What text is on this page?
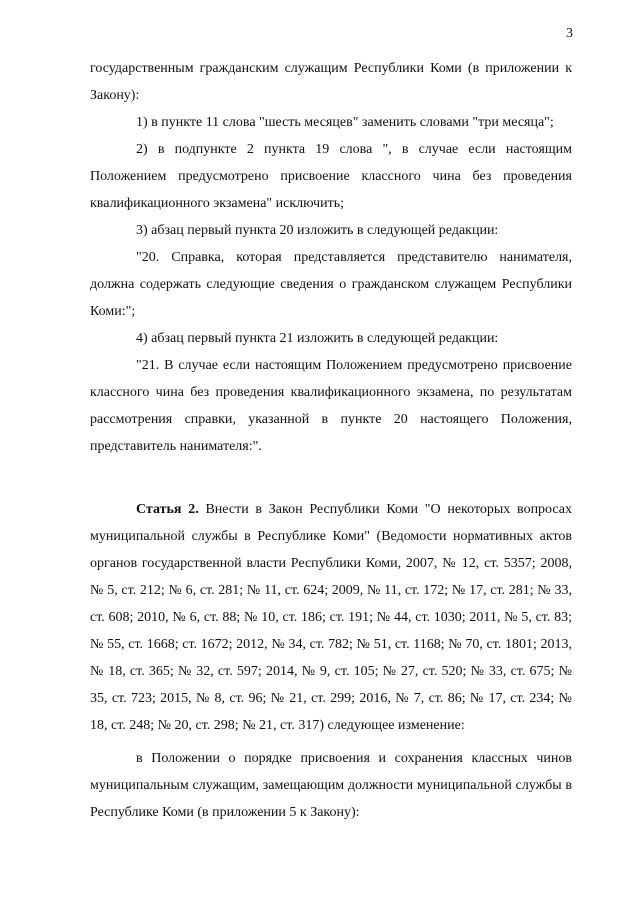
3

государственным гражданским служащим Республики Коми (в приложении к Закону):

1) в пункте 11 слова "шесть месяцев" заменить словами "три месяца";

2) в подпункте 2 пункта 19 слова ", в случае если настоящим Положением предусмотрено присвоение классного чина без проведения квалификационного экзамена" исключить;

3) абзац первый пункта 20 изложить в следующей редакции:

"20. Справка, которая представляется представителю нанимателя, должна содержать следующие сведения о гражданском служащем Республики Коми:";

4) абзац первый пункта 21 изложить в следующей редакции:

"21. В случае если настоящим Положением предусмотрено присвоение классного чина без проведения квалификационного экзамена, по результатам рассмотрения справки, указанной в пункте 20 настоящего Положения, представитель нанимателя:".

Статья 2. Внести в Закон Республики Коми "О некоторых вопросах муниципальной службы в Республике Коми" (Ведомости нормативных актов органов государственной власти Республики Коми, 2007, № 12, ст. 5357; 2008, № 5, ст. 212; № 6, ст. 281; № 11, ст. 624; 2009, № 11, ст. 172; № 17, ст. 281; № 33, ст. 608; 2010, № 6, ст. 88; № 10, ст. 186; ст. 191; № 44, ст. 1030; 2011, № 5, ст. 83; № 55, ст. 1668; ст. 1672; 2012, № 34, ст. 782; № 51, ст. 1168; № 70, ст. 1801; 2013, № 18, ст. 365; № 32, ст. 597; 2014, № 9, ст. 105; № 27, ст. 520; № 33, ст. 675; № 35, ст. 723; 2015, № 8, ст. 96; № 21, ст. 299; 2016, № 7, ст. 86; № 17, ст. 234; № 18, ст. 248; № 20, ст. 298; № 21, ст. 317) следующее изменение:

в Положении о порядке присвоения и сохранения классных чинов муниципальным служащим, замещающим должности муниципальной службы в Республике Коми (в приложении 5 к Закону):
